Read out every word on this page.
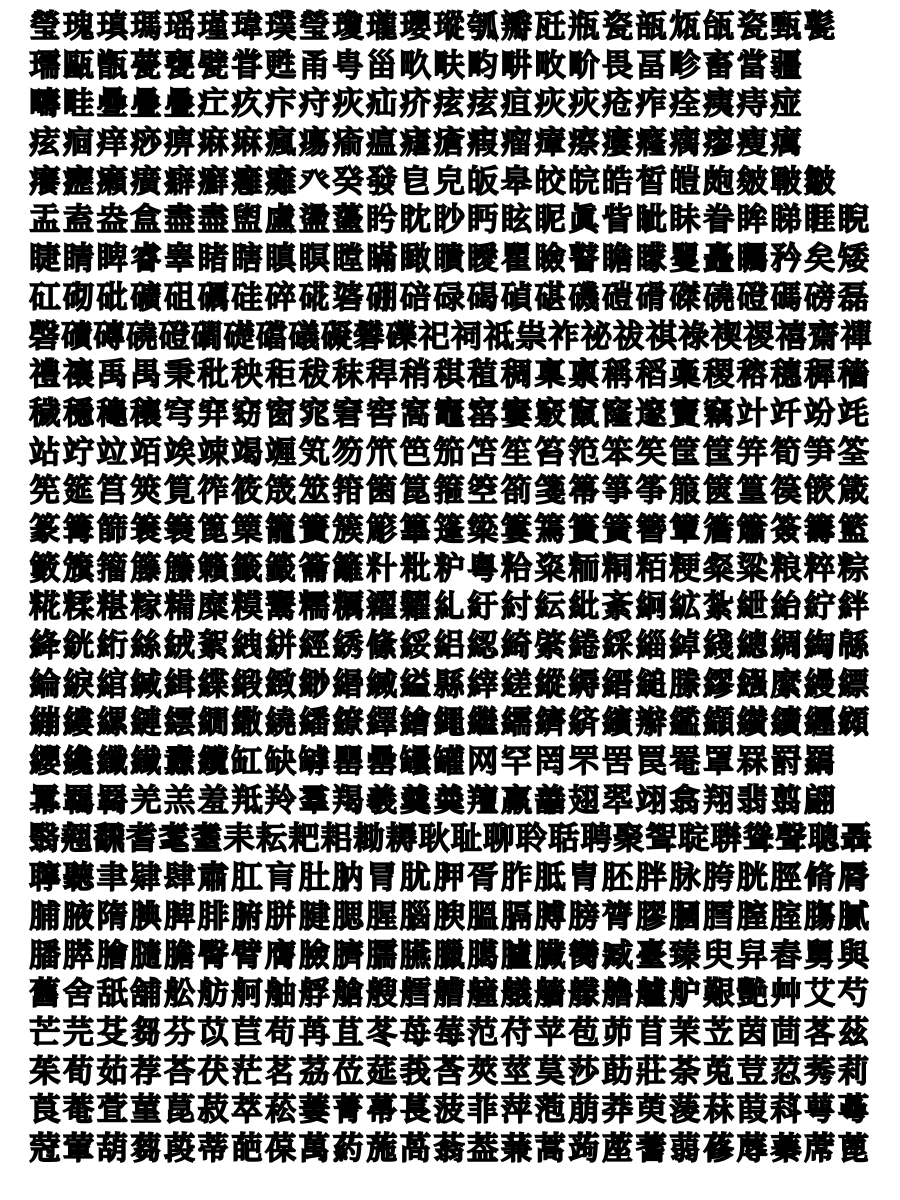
瑩 瑰 瑱 瑪 瑶 瑾 瑋 璞 瑩 瓊 瓏 瓔 瑽 瓠 瓣 瓩 瓶 瓷 瓿 瓭 瓵 瓷 甄 甏
瓀 甌 甑 甍 甕 甓 甞 甦 甬 甹 甾 畂 畉 畇 畊 畋 畍 畏 畐 畛 畜 當 疆
疇 畦 疉 疊 疊 疘 疚 疜 疛 疢 疝 疥 痃 痃 疸 疢 疢 疮 痄 痊 痍 痔 痖
痃 痐 痒 痧 痹 痳 痳 瘋 瘍 瘉 瘟 瘧 瘡 瘕 瘤 瘴 瘵 瘻 癃 瘸 瘳 瘦 癘
癢 癧 癩 癀 癖 癬 癰 癱 癶 癸 發 皀 皃 皈 皋 皎 皖 皓 皙 皚 皰 皴 皸 皺
盂 盍 盎 盒 盡 盡 盥 盧 盪 蘯 盻 眈 眇 眄 眩 眤 眞 眥 眦 眛 眷 眸 睇 睚 睨
睫 睛 睥 睿 睾 睹 瞎 瞋 瞑 瞠 瞞 瞰 瞶 瞹 瞿 瞼 瞽 瞻 矇 矍 矗 矚 矜 矣 矮
矼 砌 砒 礦 砠 礪 硅 碎 硴 碆 硼 碚 碌 碣 碵 碪 磯 磑 磆 磔 磽 磴 碼 磅 磊
磬 磧 磚 磽 磴 磵 礎 礑 礒 礙 礬 礫 祀 祠 祗 祟 祚 祕 祓 祺 祿 禊 禝 禧 齋 禪
禮 禳 禹 禺 秉 秕 秧 秬 秡 秣 稈 稍 稘 稙 稠 稟 禀 稱 稻 稾 稷 穃 穗 穉 穡
穢 穩 龝 穰 穹 穽 窈 窗 窕 窘 窖 窩 竈 窰 窶 竅 竄 窿 邃 竇 竊 竍 竏 竕 竓
站 竚 竝 竡 竢 竦 竭 竰 笂 笏 笊 笆 笳 笘 笙 笞 笵 笨 笶 筐 筺 笄 筍 笋 筌
筅 筵 筥 筴 筧 筰 筱 筬 筮 箝 箘 箟 箍 箜 箚 箋 箒 箏 筝 箙 篋 篁 篌 篏 箴
篆 篝 篩 簑 簔 篦 篥 籠 簀 簇 簓 篳 篷 簗 簍 篶 簣 簧 簪 簟 簷 簫 簽 籌 籃
籔 籏 籀 籐 籘 籟 籤 籖 籥 籬 籵 粃 粐 粤 粭 粢 粫 粡 粨 粳 粲 粱 粮 粹 粽
糀 糅 糂 糘 糒 糜 糢 鬻 糯 糲 糴 糶 糺 紆 紂 紜 紕 紊 絅 絋 紮 紲 紿 紵 絆
絳 絖 絎 絲 絨 絮 絏 絣 經 綉 絛 綏 絽 綛 綺 綮 綣 綵 緇 綽 綫 總 綢 綯 緜
綸 綟 綰 緘 緝 緤 緞 緻 緲 緡 縅 縊 縣 縡 縒 縱 縟 縉 縋 縢 繆 繦 縻 縵 縹
繃 縷 縲 縺 繧 繝 繖 繞 繙 繚 繹 繪 繩 繼 繻 纃 緕 繽 辮 繿 纈 纉 續 纒 纐
纓 纔 纖 纎 纛 纜 缸 缺 罅 罌 罍 罎 罐 网 罕 罔 罘 罟 罠 罨 罩 罧 罸 羂
羃 羈 羇 羌 羔 羞 羝 羚 羣 羯 羲 羹 羮 羶 羸 譱 翅 翆 翊 翕 翔 翡 翦 翩
翳 翹 飜 耆 耄 耋 耒 耘 耙 耜 耡 耨 耿 耻 聊 聆 聒 聘 聚 聟 聢 聨 聳 聲 聰 聶
聹 聽 聿 肄 肆 肅 肛 肓 肚 肭 冐 肬 胛 胥 胙 胝 胄 胚 胖 脉 胯 胱 脛 脩 脣
脯 腋 隋 腆 脾 腓 腑 胼 腱 腮 腥 腦 腴 膃 膈 膊 膀 膂 膠 膕 膤 膣 腟 膓 膩
膰 膵 膾 膸 膽 臀 臂 膺 臉 臍 臑 臙 臘 臈 臚 臟 臠 臧 臺 臻 臾 舁 舂 舅 與
舊 舍 舐 舖 舩 舫 舸 舳 艀 艙 艘 艝 艚 艟 艤 艢 艨 艪 艫 舮 艱 艷 艸 艾 芍
芒 芫 芟 芻 芬 苡 苣 苟 苒 苴 苳 苺 莓 范 苻 苹 苞 茆 苜 茉 苙 茵 茴 茖 茲
茱 荀 茹 荐 荅 茯 茫 茗 茘 莅 莚 莪 莟 莢 莖 茣 莎 莇 莊 荼 莵 荳 荵 莠 莉
莨 菴 萓 菫 菎 菽 萃 菘 萋 菁 菷 萇 菠 菲 萍 萢 萠 莽 萸 蔆 菻 葭 萪 萼 蕚
蒄 葷 葫 蒭 葮 蒂 葩 葆 萬 葯 葹 萵 蓊 葢 蒹 蒿 蒟 蓙 蓍 蒻 蓚 蓐 蓁 蓆 蓖
